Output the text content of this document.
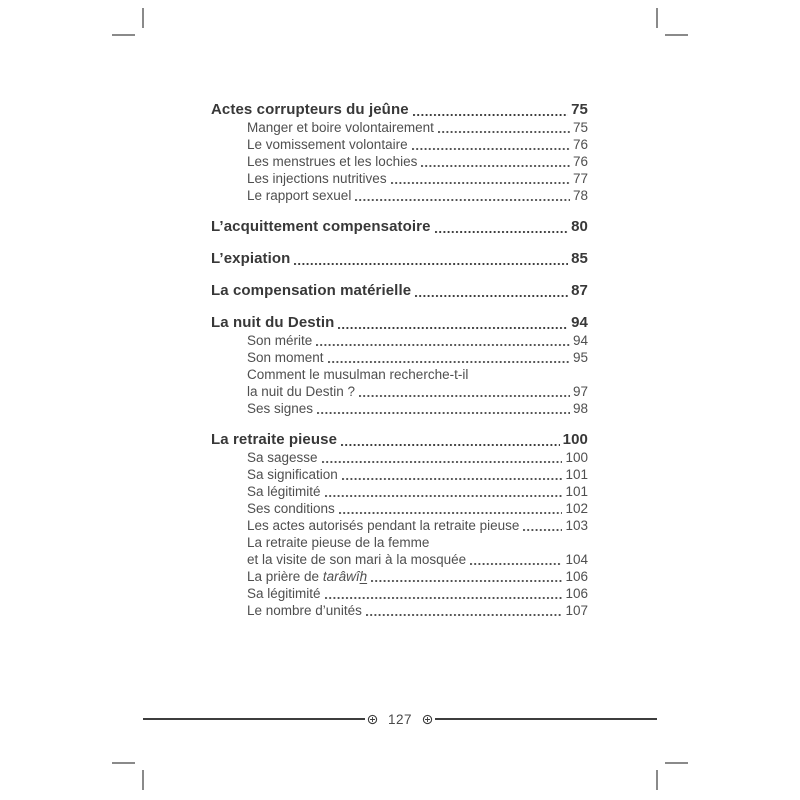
Actes corrupteurs du jeûne	75
Manger et boire volontairement	75
Le vomissement volontaire	76
Les menstrues et les lochies	76
Les injections nutritives	77
Le rapport sexuel	78
L’acquittement compensatoire	80
L’expiation	85
La compensation matérielle	87
La nuit du Destin	94
Son mérite	94
Son moment	95
Comment le musulman recherche-t-il
la nuit du Destin ?	97
Ses signes	98
La retraite pieuse	100
Sa sagesse	100
Sa signification	101
Sa légitimité	101
Ses conditions	102
Les actes autorisés pendant la retraite pieuse	103
La retraite pieuse de la femme
et la visite de son mari à la mosquée	104
La prière de tarâwîh	106
Sa légitimité	106
Le nombre d’unités	107
127
